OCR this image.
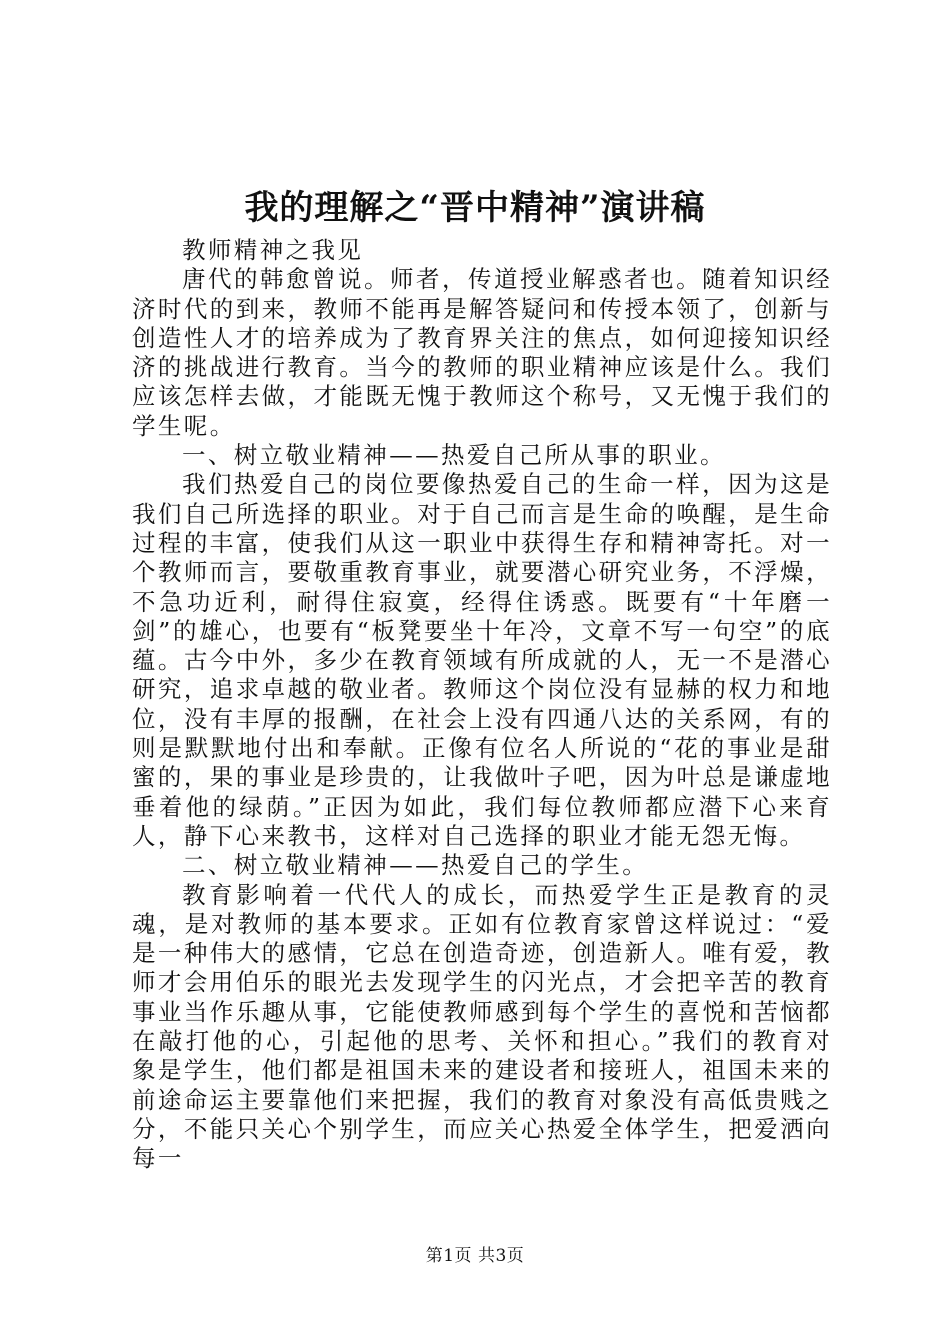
我的理解之“晋中精神”演讲稿

教师精神之我见

唐代的韩愈曾说。师者，传道授业解惑者也。随着知识经济时代的到来，教师不能再是解答疑问和传授本领了，创新与创造性人才的培养成为了教育界关注的焦点，如何迎接知识经济的挑战进行教育。当今的教师的职业精神应该是什么。我们应该怎样去做，才能既无愧于教师这个称号，又无愧于我们的学生呢。

一、树立敬业精神——热爱自己所从事的职业。

我们热爱自己的岗位要像热爱自己的生命一样，因为这是我们自己所选择的职业。对于自己而言是生命的唤醒，是生命过程的丰富，使我们从这一职业中获得生存和精神寄托。对一个教师而言，要敬重教育事业，就要潜心研究业务，不浮燥，不急功近利，耐得住寂寞，经得住诱惑。既要有“十年磨一剑”的雄心，也要有“板凳要坐十年冷，文章不写一句空”的底蕴。古今中外，多少在教育领域有所成就的人，无一不是潜心研究，追求卓越的敬业者。教师这个岗位没有显赫的权力和地位，没有丰厚的报酬，在社会上没有四通八达的关系网，有的则是默默地付出和奉献。正像有位名人所说的“花的事业是甜蜜的，果的事业是珍贵的，让我做叶子吧，因为叶总是谦虚地垂着他的绿荫。”正因为如此，我们每位教师都应潜下心来育人，静下心来教书，这样对自己选择的职业才能无怨无悔。

二、树立敬业精神——热爱自己的学生。

教育影响着一代代人的成长，而热爱学生正是教育的灵魂，是对教师的基本要求。正如有位教育家曾这样说过：“爱是一种伟大的感情，它总在创造奇迹，创造新人。唯有爱，教师才会用伯乐的眼光去发现学生的闪光点，才会把辛苦的教育事业当作乐趣从事，它能使教师感到每个学生的喜悦和苦恼都在敲打他的心，引起他的思考、关怀和担心。”我们的教育对象是学生，他们都是祖国未来的建设者和接班人，祖国未来的前途命运主要靠他们来把握，我们的教育对象没有高低贵贱之分，不能只关心个别学生，而应关心热爱全体学生，把爱洒向每一

第1页 共3页
